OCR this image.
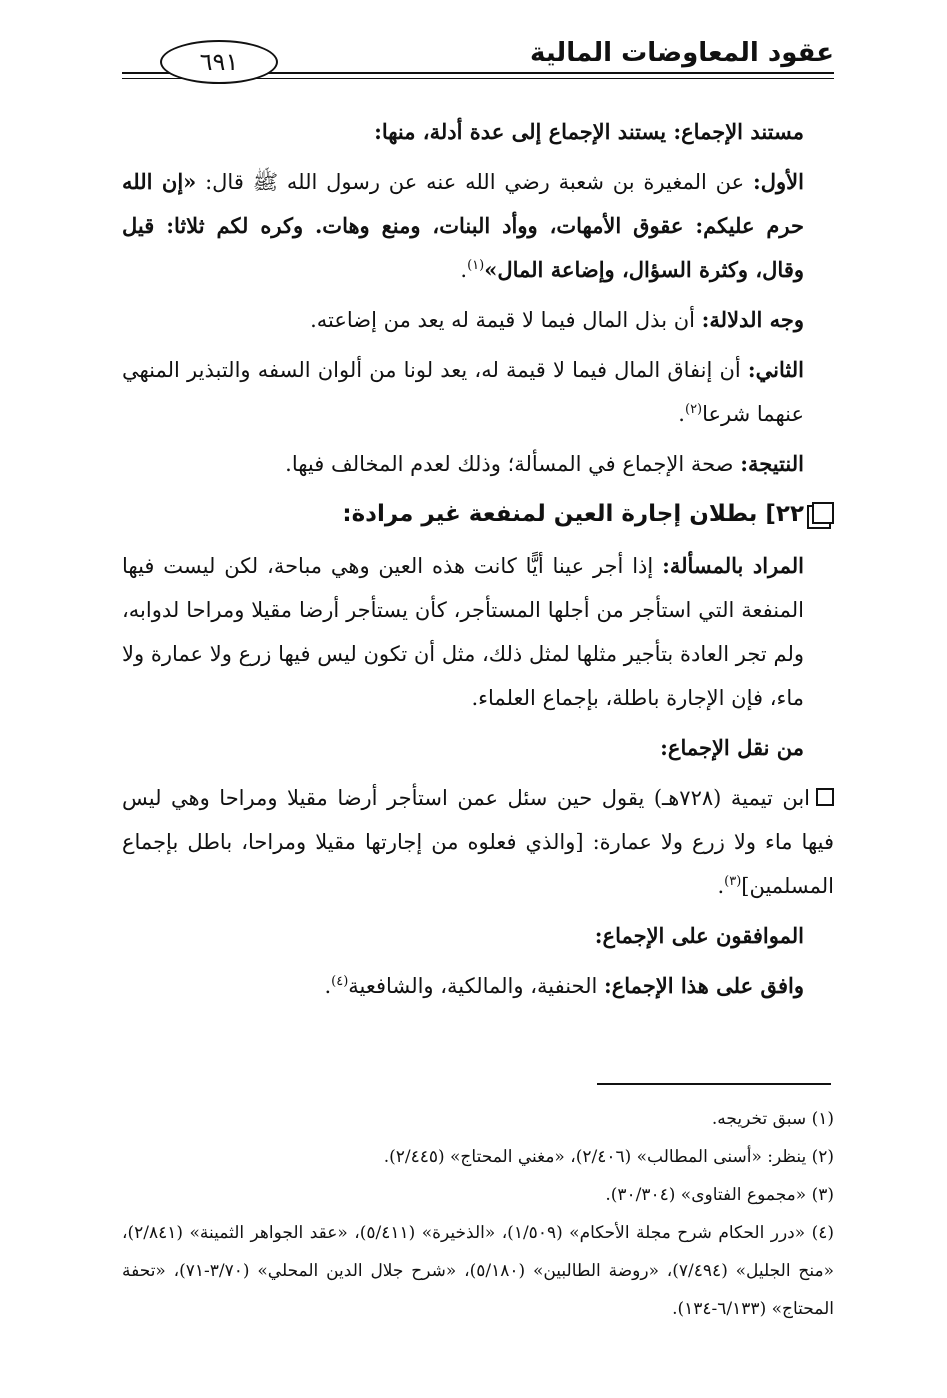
عقود المعاوضات المالية
٦٩١

مستند الإجماع: يستند الإجماع إلى عدة أدلة، منها:

الأول: عن المغيرة بن شعبة رضي الله عنه عن رسول الله ﷺ قال: «إن الله حرم عليكم: عقوق الأمهات، ووأد البنات، ومنع وهات. وكره لكم ثلاثا: قيل وقال، وكثرة السؤال، وإضاعة المال»$^{(١)}$.

وجه الدلالة: أن بذل المال فيما لا قيمة له يعد من إضاعته.

الثاني: أن إنفاق المال فيما لا قيمة له، يعد لونا من ألوان السفه والتبذير المنهي عنهما شرعا$^{(٢)}$.

النتيجة: صحة الإجماع في المسألة؛ وذلك لعدم المخالف فيها.

٢٢] بطلان إجارة العين لمنفعة غير مرادة:

المراد بالمسألة: إذا أجر عينا أيًّا كانت هذه العين وهي مباحة، لكن ليست فيها المنفعة التي استأجر من أجلها المستأجر، كأن يستأجر أرضا مقيلا ومراحا لدوابه، ولم تجر العادة بتأجير مثلها لمثل ذلك، مثل أن تكون ليس فيها زرع ولا عمارة ولا ماء، فإن الإجارة باطلة، بإجماع العلماء.

من نقل الإجماع:

ابن تيمية (٧٢٨هـ) يقول حين سئل عمن استأجر أرضا مقيلا ومراحا وهي ليس فيها ماء ولا زرع ولا عمارة: [والذي فعلوه من إجارتها مقيلا ومراحا، باطل بإجماع المسلمين]$^{(٣)}$.

الموافقون على الإجماع:

وافق على هذا الإجماع: الحنفية، والمالكية، والشافعية$^{(٤)}$.

(١) سبق تخريجه.

(٢) ينظر: «أسنى المطالب» (٢/٤٠٦)، «مغني المحتاج» (٢/٤٤٥).

(٣) «مجموع الفتاوى» (٣٠/٣٠٤).

(٤) «درر الحكام شرح مجلة الأحكام» (١/٥٠٩)، «الذخيرة» (٥/٤١١)، «عقد الجواهر الثمينة» (٢/٨٤١)، «منح الجليل» (٧/٤٩٤)، «روضة الطالبين» (٥/١٨٠)، «شرح جلال الدين المحلي» (٣/٧٠-٧١)، «تحفة المحتاج» (٦/١٣٣-١٣٤).
